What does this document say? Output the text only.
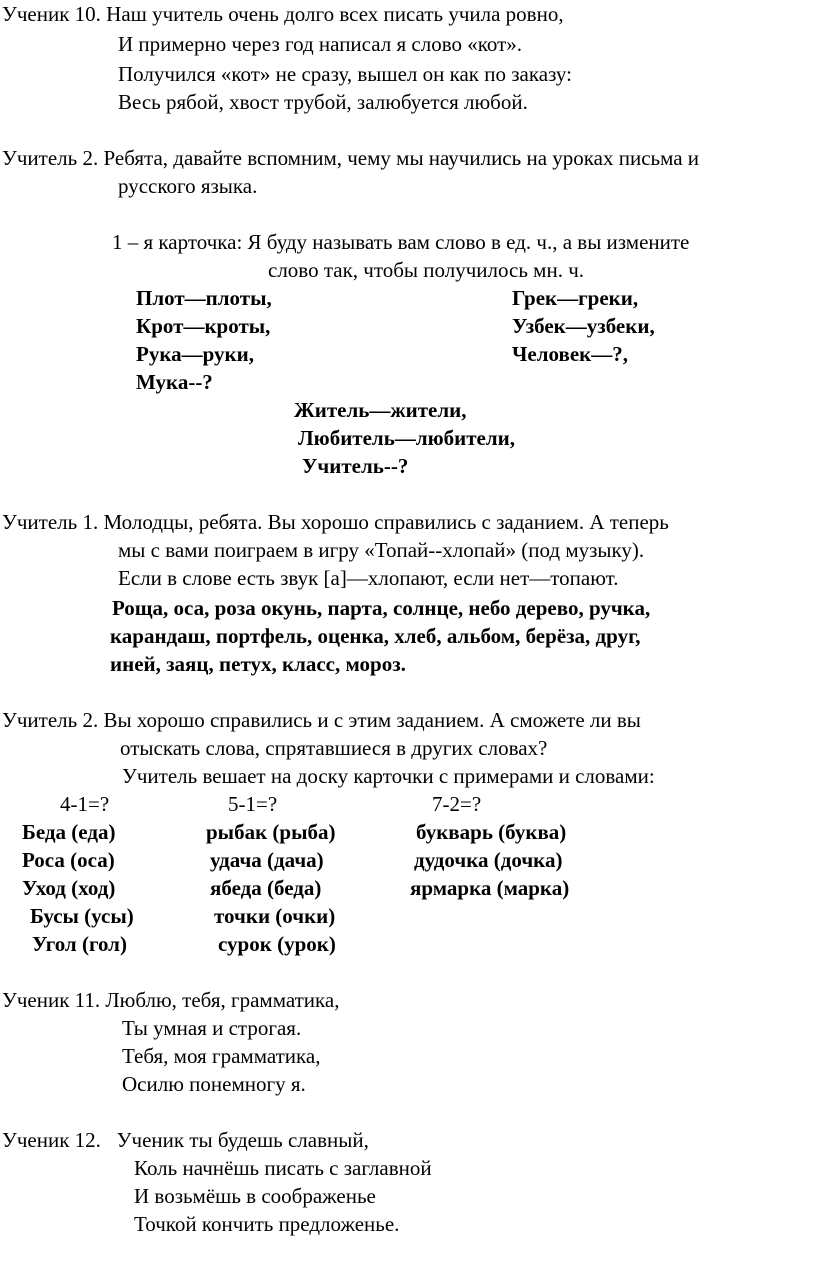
Ученик 10. Наш учитель очень долго всех писать учила ровно,
И примерно через год написал я слово «кот».
Получился «кот» не сразу, вышел он как по заказу:
Весь рябой, хвост трубой, залюбуется любой.
Учитель 2. Ребята, давайте вспомним, чему мы научились на уроках письма и
русского языка.
1 – я карточка: Я буду называть вам слово в ед. ч., а вы измените
слово так, чтобы получилось мн. ч.
Плот—плоты,
Крот—кроты,
Рука—руки,
Мука--?
Грек—греки,
Узбек—узбеки,
Человек—?,
Житель—жители,
Любитель—любители,
Учитель--?
Учитель 1. Молодцы, ребята. Вы хорошо справились с заданием. А теперь
мы с вами поиграем в игру «Топай--хлопай» (под музыку).
Если в слове есть звук [а]—хлопают, если нет—топают.
Роща, оса, роза окунь, парта, солнце, небо дерево, ручка,
карандаш, портфель, оценка, хлеб, альбом, берёза, друг,
иней, заяц, петух, класс, мороз.
Учитель 2. Вы хорошо справились и с этим заданием. А сможете ли вы
отыскать слова, спрятавшиеся в других словах?
Учитель вешает на доску карточки с примерами и словами:
4-1=?	5-1=?	7-2=?
Беда (еда)
Роса (оса)
Уход (ход)
Бусы (усы)
Угол (гол)
рыбак (рыба)
удача (дача)
ябеда (беда)
точки (очки)
сурок (урок)
букварь (буква)
дудочка (дочка)
ярмарка (марка)
Ученик 11. Люблю, тебя, грамматика,
Ты умная и строгая.
Тебя, моя грамматика,
Осилю понемногу я.
Ученик 12.   Ученик ты будешь славный,
Коль начнёшь писать с заглавной
И возьмёшь в соображенье
Точкой кончить предложенье.
